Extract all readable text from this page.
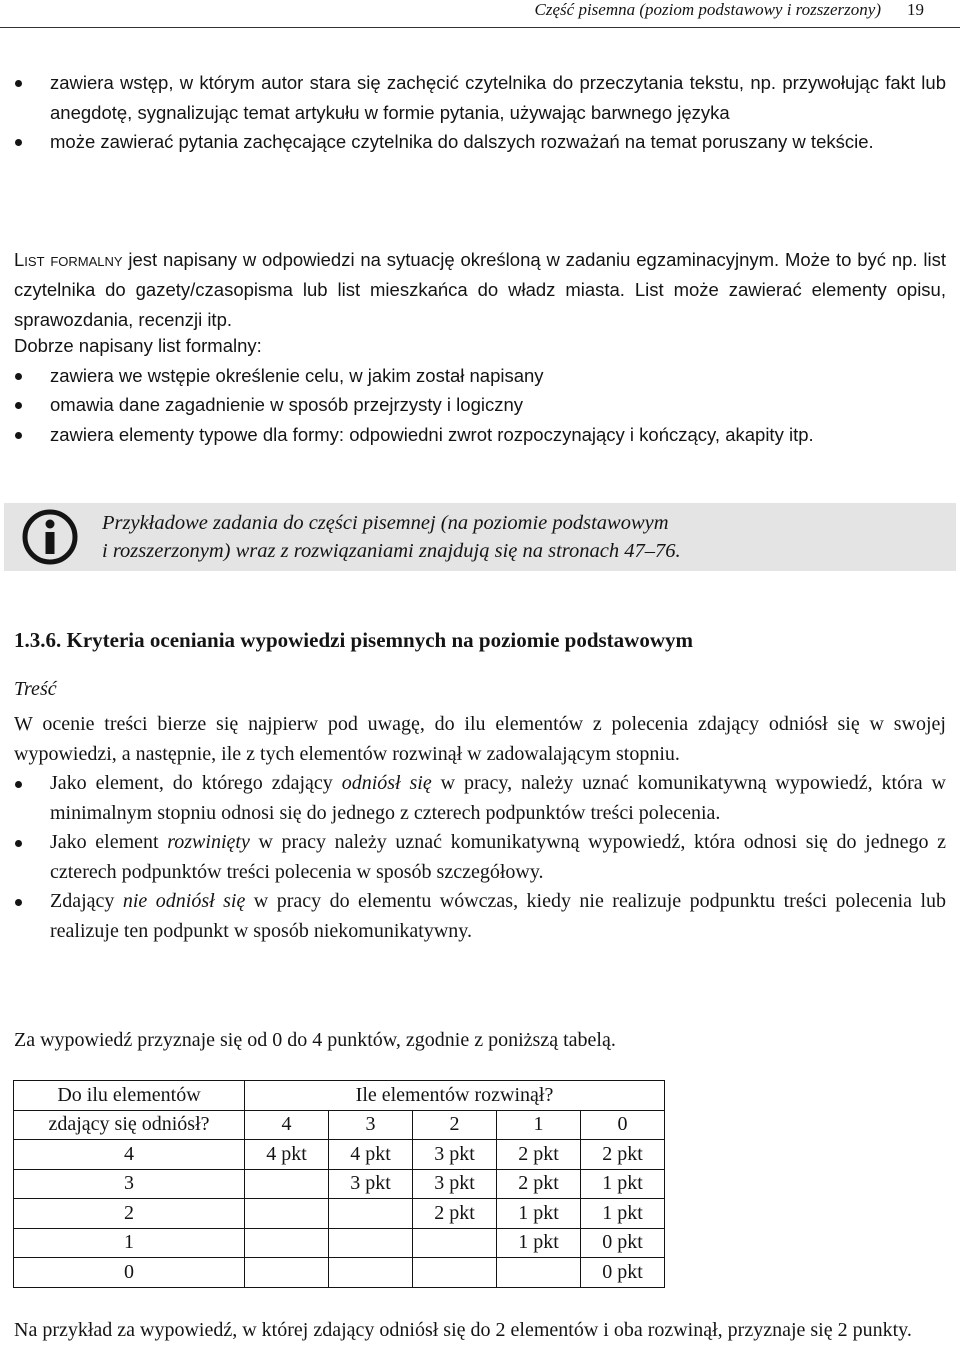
Część pisemna (poziom podstawowy i rozszerzony) 19
zawiera wstęp, w którym autor stara się zachęcić czytelnika do przeczytania tekstu, np. przywołując fakt lub anegdotę, sygnalizując temat artykułu w formie pytania, używając barwnego języka
może zawierać pytania zachęcające czytelnika do dalszych rozważań na temat poruszany w tekście.

List formalny jest napisany w odpowiedzi na sytuację określoną w zadaniu egzaminacyjnym. Może to być np. list czytelnika do gazety/czasopisma lub list mieszkańca do władz miasta. List może zawierać elementy opisu, sprawozdania, recenzji itp.

Dobrze napisany list formalny:

zawiera we wstępie określenie celu, w jakim został napisany
omawia dane zagadnienie w sposób przejrzysty i logiczny
zawiera elementy typowe dla formy: odpowiedni zwrot rozpoczynający i kończący, akapity itp.
Przykładowe zadania do części pisemnej (na poziomie podstawowym
i rozszerzonym) wraz z rozwiązaniami znajdują się na stronach 47–76.
1.3.6. Kryteria oceniania wypowiedzi pisemnych na poziomie podstawowym
Treść

W ocenie treści bierze się najpierw pod uwagę, do ilu elementów z polecenia zdający odniósł się w swojej wypowiedzi, a następnie, ile z tych elementów rozwinął w zadowalającym stopniu.

Jako element, do którego zdający odniósł się w pracy, należy uznać komunikatywną wypowiedź, która w minimalnym stopniu odnosi się do jednego z czterech podpunktów treści polecenia.
Jako element rozwinięty w pracy należy uznać komunikatywną wypowiedź, która odnosi się do jednego z czterech podpunktów treści polecenia w sposób szczegółowy.
Zdający nie odniósł się w pracy do elementu wówczas, kiedy nie realizuje podpunktu treści polecenia lub realizuje ten podpunkt w sposób niekomunikatywny.
Za wypowiedź przyznaje się od 0 do 4 punktów, zgodnie z poniższą tabelą.
Do ilu elementów	Ile elementów rozwinął?				
zdający się odniósł?	4	3	2	1	0
4	4 pkt	4 pkt	3 pkt	2 pkt	2 pkt
3		3 pkt	3 pkt	2 pkt	1 pkt
2			2 pkt	1 pkt	1 pkt
1				1 pkt	0 pkt
0					0 pkt
Na przykład za wypowiedź, w której zdający odniósł się do 2 elementów i oba rozwinął, przyznaje się 2 punkty.
